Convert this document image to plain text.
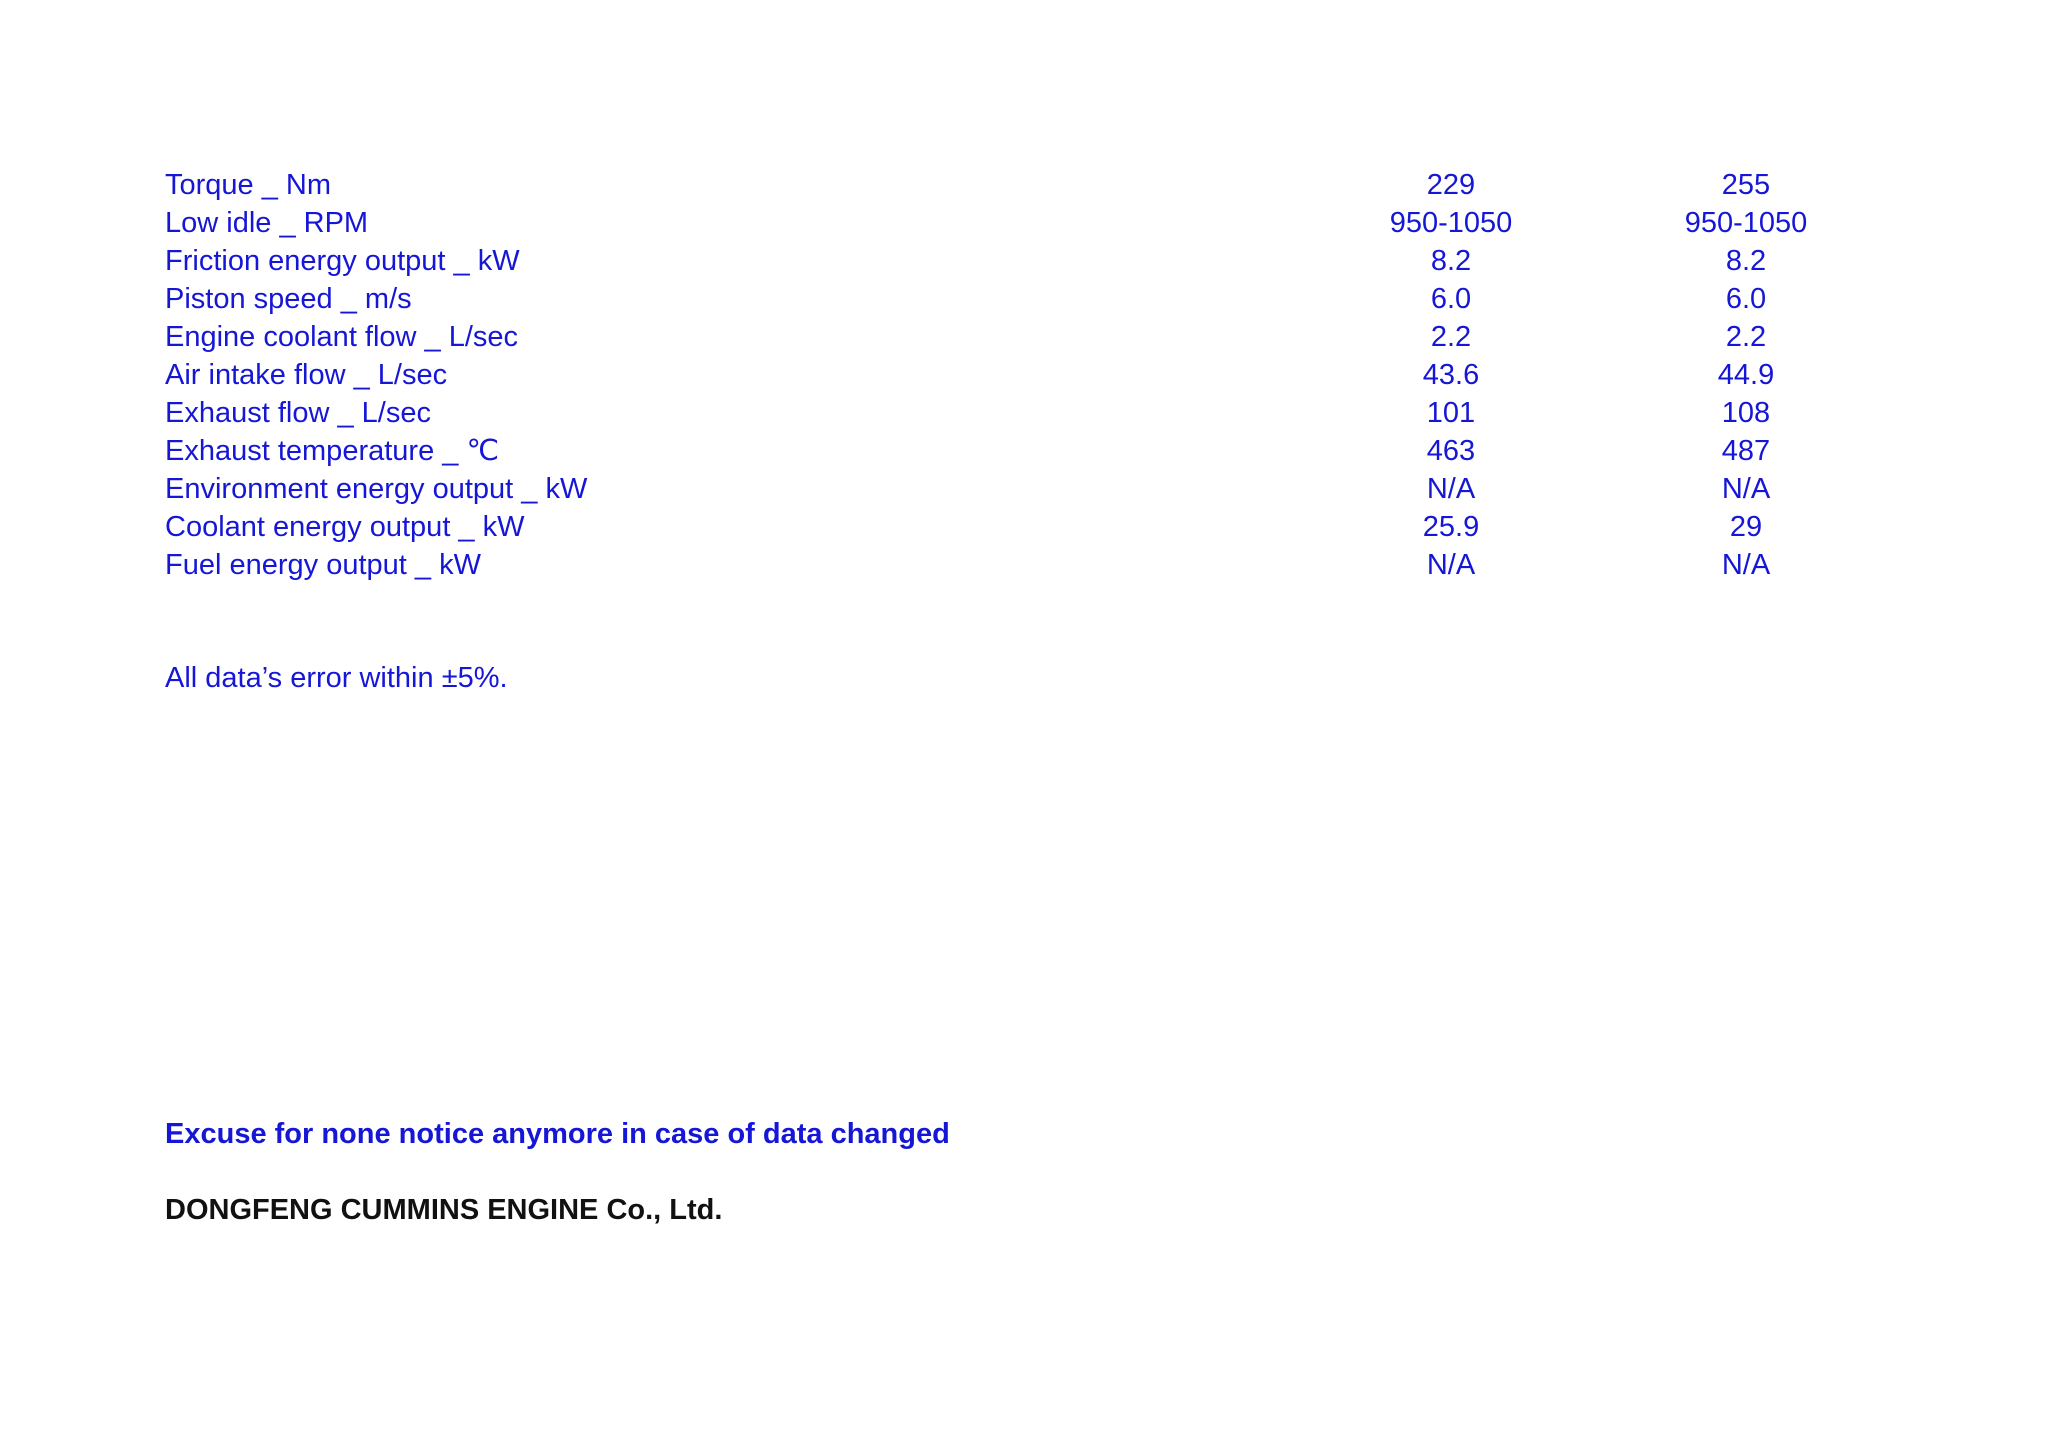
Torque _ Nm	229	255
Low idle _ RPM	950-1050	950-1050
Friction energy output _ kW	8.2	8.2
Piston speed _ m/s	6.0	6.0
Engine coolant flow _ L/sec	2.2	2.2
Air intake flow _ L/sec	43.6	44.9
Exhaust flow _ L/sec	101	108
Exhaust temperature _ ℃	463	487
Environment energy output _ kW	N/A	N/A
Coolant energy output _ kW	25.9	29
Fuel energy output _ kW	N/A	N/A
All data’s error within ±5%.
Excuse for none notice anymore in case of data changed
DONGFENG CUMMINS ENGINE Co., Ltd.
